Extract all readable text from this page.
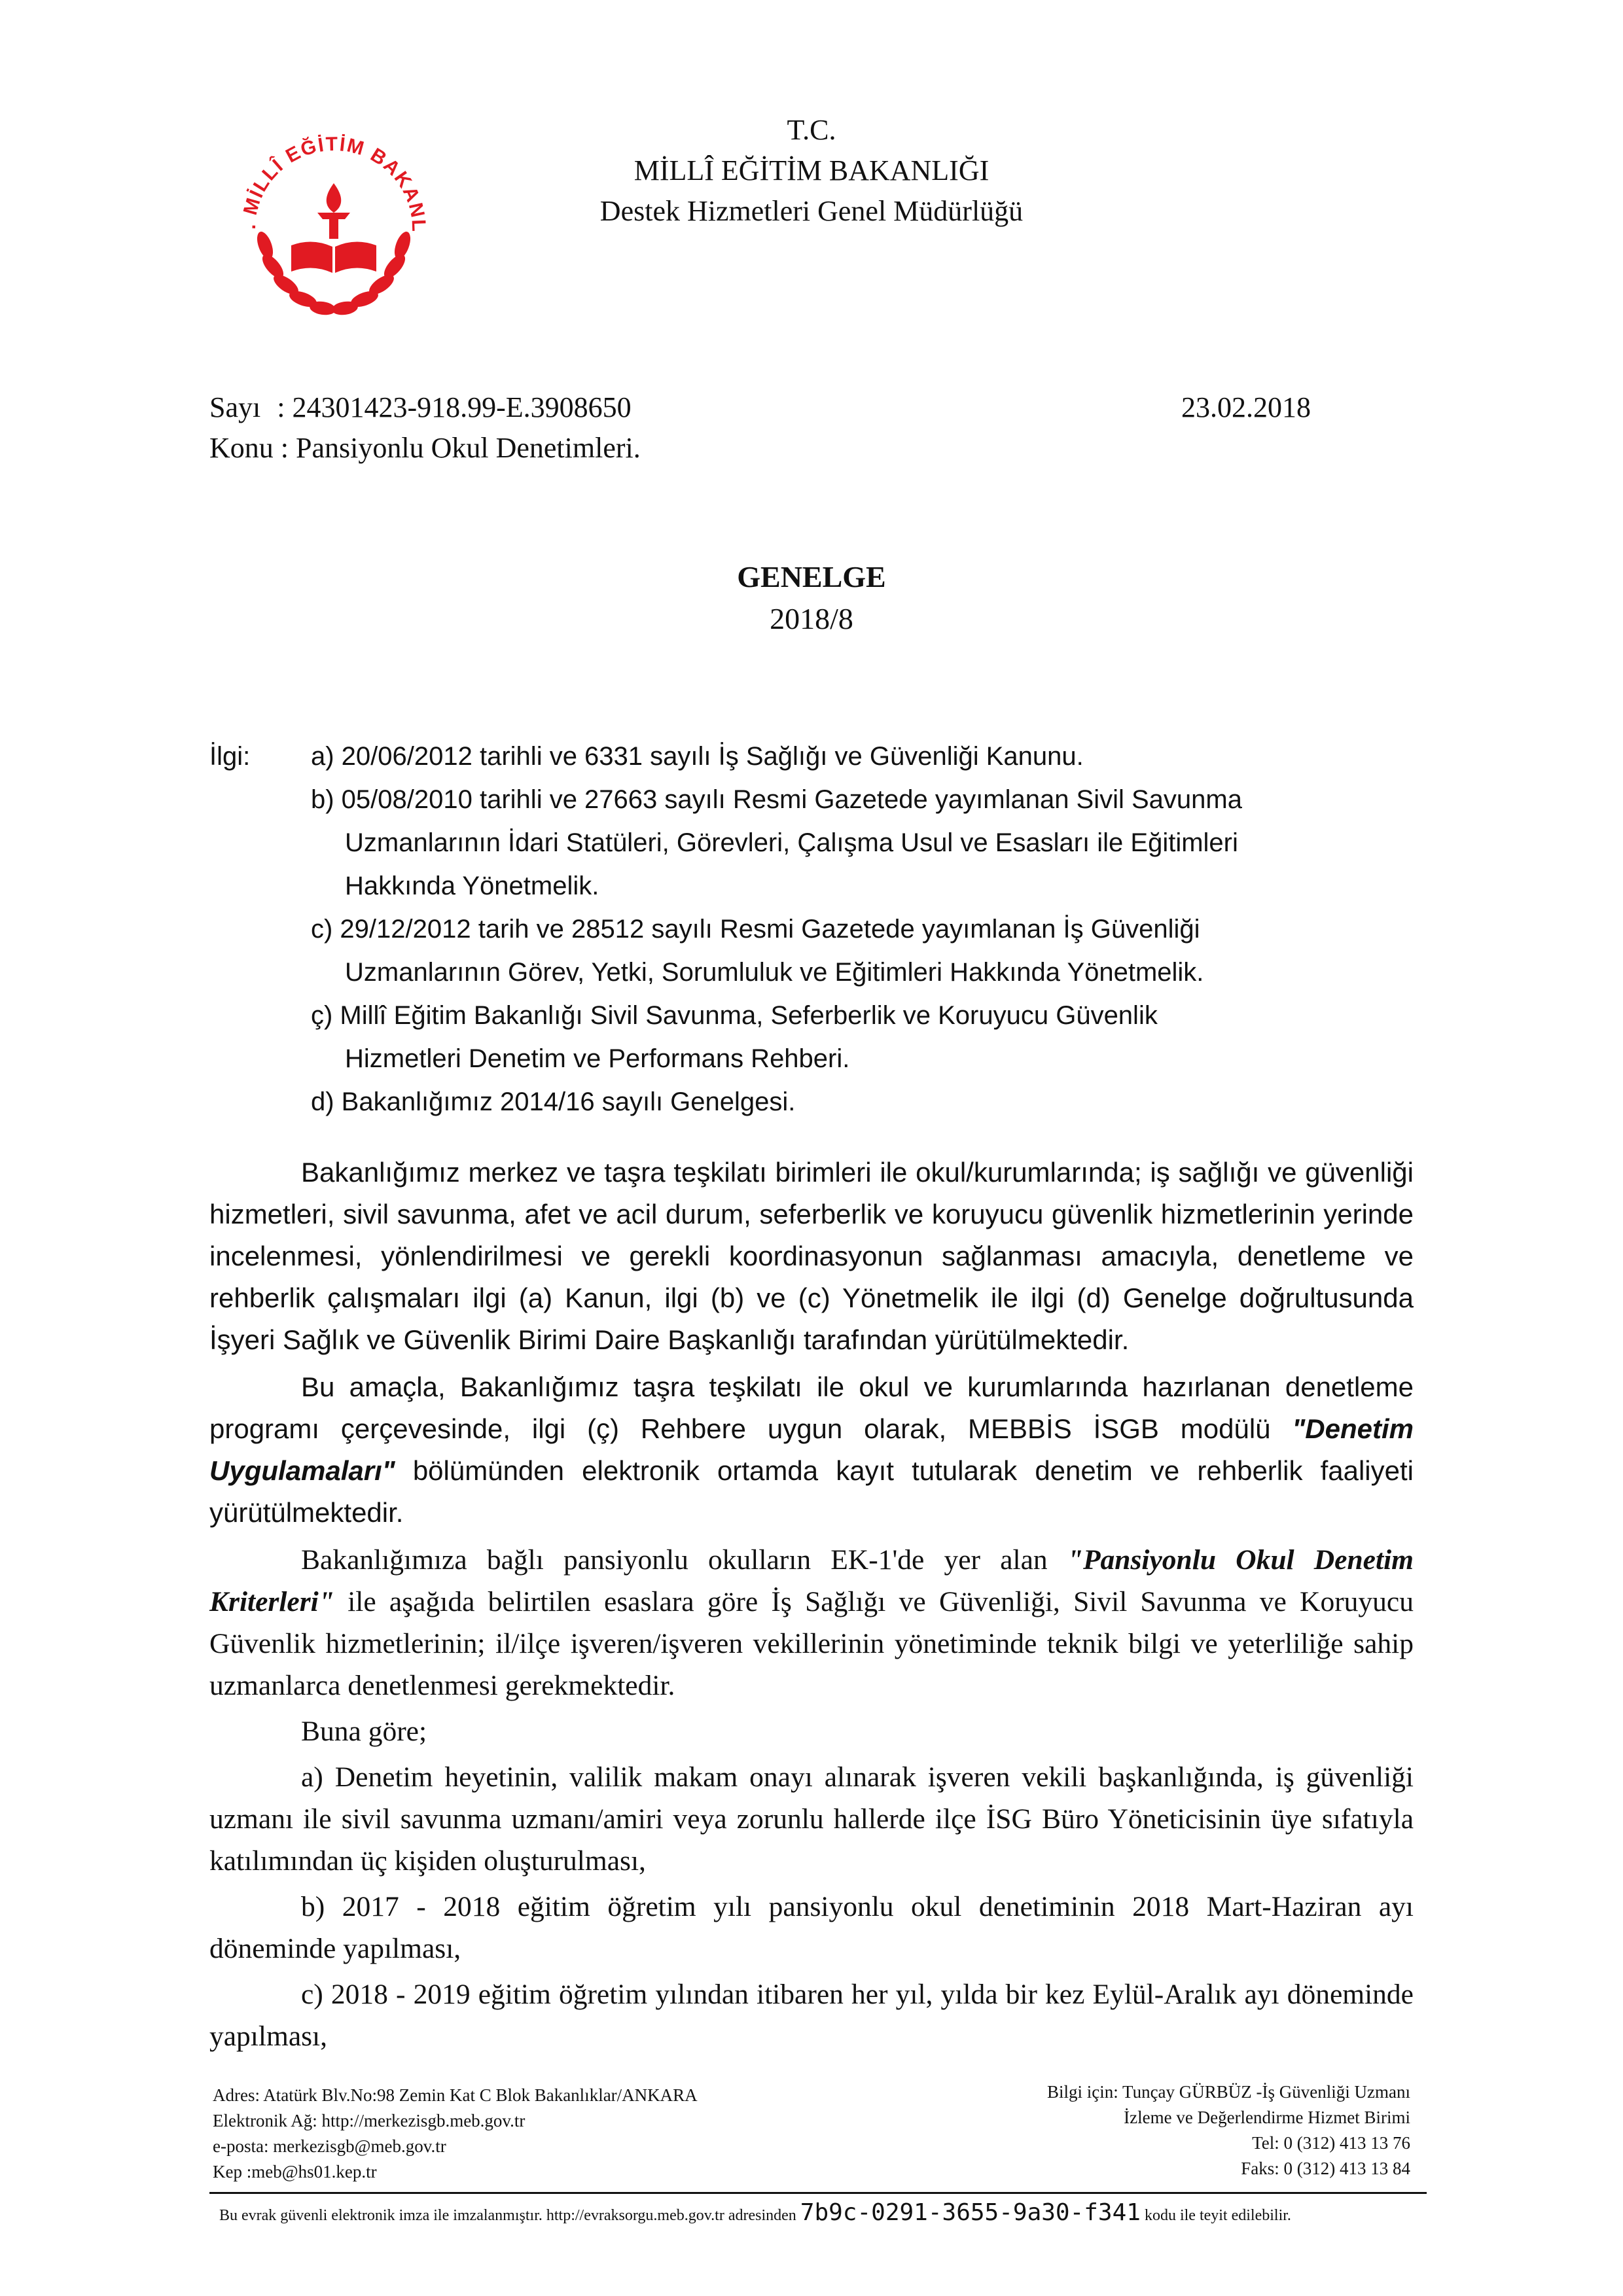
. MİLLÎ EĞİTİM BAKANL
T.C.
MİLLÎ EĞİTİM BAKANLIĞI
Destek Hizmetleri Genel Müdürlüğü
Sayı : 24301423-918.99-E.3908650	23.02.2018
Konu : Pansiyonlu Okul Denetimleri.
GENELGE
2018/8
İlgi: a) 20/06/2012 tarihli ve 6331 sayılı İş Sağlığı ve Güvenliği Kanunu.
b) 05/08/2010 tarihli ve 27663 sayılı Resmi Gazetede yayımlanan Sivil Savunma
Uzmanlarının İdari Statüleri, Görevleri, Çalışma Usul ve Esasları ile Eğitimleri
Hakkında Yönetmelik.
c) 29/12/2012 tarih ve 28512 sayılı Resmi Gazetede yayımlanan İş Güvenliği
Uzmanlarının Görev, Yetki, Sorumluluk ve Eğitimleri Hakkında Yönetmelik.
ç) Millî Eğitim Bakanlığı Sivil Savunma, Seferberlik ve Koruyucu Güvenlik
Hizmetleri Denetim ve Performans Rehberi.
d) Bakanlığımız 2014/16 sayılı Genelgesi.

Bakanlığımız merkez ve taşra teşkilatı birimleri ile okul/kurumlarında; iş sağlığı ve güvenliği hizmetleri, sivil savunma, afet ve acil durum, seferberlik ve koruyucu güvenlik hizmetlerinin yerinde incelenmesi, yönlendirilmesi ve gerekli koordinasyonun sağlanması amacıyla, denetleme ve rehberlik çalışmaları ilgi (a) Kanun, ilgi (b) ve (c) Yönetmelik ile ilgi (d) Genelge doğrultusunda İşyeri Sağlık ve Güvenlik Birimi Daire Başkanlığı tarafından yürütülmektedir.

Bu amaçla, Bakanlığımız taşra teşkilatı ile okul ve kurumlarında hazırlanan denetleme programı çerçevesinde, ilgi (ç) Rehbere uygun olarak, MEBBİS İSGB modülü "Denetim Uygulamaları" bölümünden elektronik ortamda kayıt tutularak denetim ve rehberlik faaliyeti yürütülmektedir.

Bakanlığımıza bağlı pansiyonlu okulların EK-1'de yer alan "Pansiyonlu Okul Denetim Kriterleri" ile aşağıda belirtilen esaslara göre İş Sağlığı ve Güvenliği, Sivil Savunma ve Koruyucu Güvenlik hizmetlerinin; il/ilçe işveren/işveren vekillerinin yönetiminde teknik bilgi ve yeterliliğe sahip uzmanlarca denetlenmesi gerekmektedir.

Buna göre;

a) Denetim heyetinin, valilik makam onayı alınarak işveren vekili başkanlığında, iş güvenliği uzmanı ile sivil savunma uzmanı/amiri veya zorunlu hallerde ilçe İSG Büro Yöneticisinin üye sıfatıyla katılımından üç kişiden oluşturulması,

b) 2017 - 2018 eğitim öğretim yılı pansiyonlu okul denetiminin 2018 Mart-Haziran ayı döneminde yapılması,

c) 2018 - 2019 eğitim öğretim yılından itibaren her yıl, yılda bir kez Eylül-Aralık ayı döneminde yapılması,

Adres: Atatürk Blv.No:98 Zemin Kat C Blok Bakanlıklar/ANKARA
Elektronik Ağ: http://merkezisgb.meb.gov.tr
e-posta: merkezisgb@meb.gov.tr
Kep :meb@hs01.kep.tr
Bilgi için: Tunçay GÜRBÜZ -İş Güvenliği Uzmanı
İzleme ve Değerlendirme Hizmet Birimi
Tel: 0 (312) 413 13 76
Faks: 0 (312) 413 13 84
Bu evrak güvenli elektronik imza ile imzalanmıştır. http://evraksorgu.meb.gov.tr adresinden 7b9c-0291-3655-9a30-f341 kodu ile teyit edilebilir.
